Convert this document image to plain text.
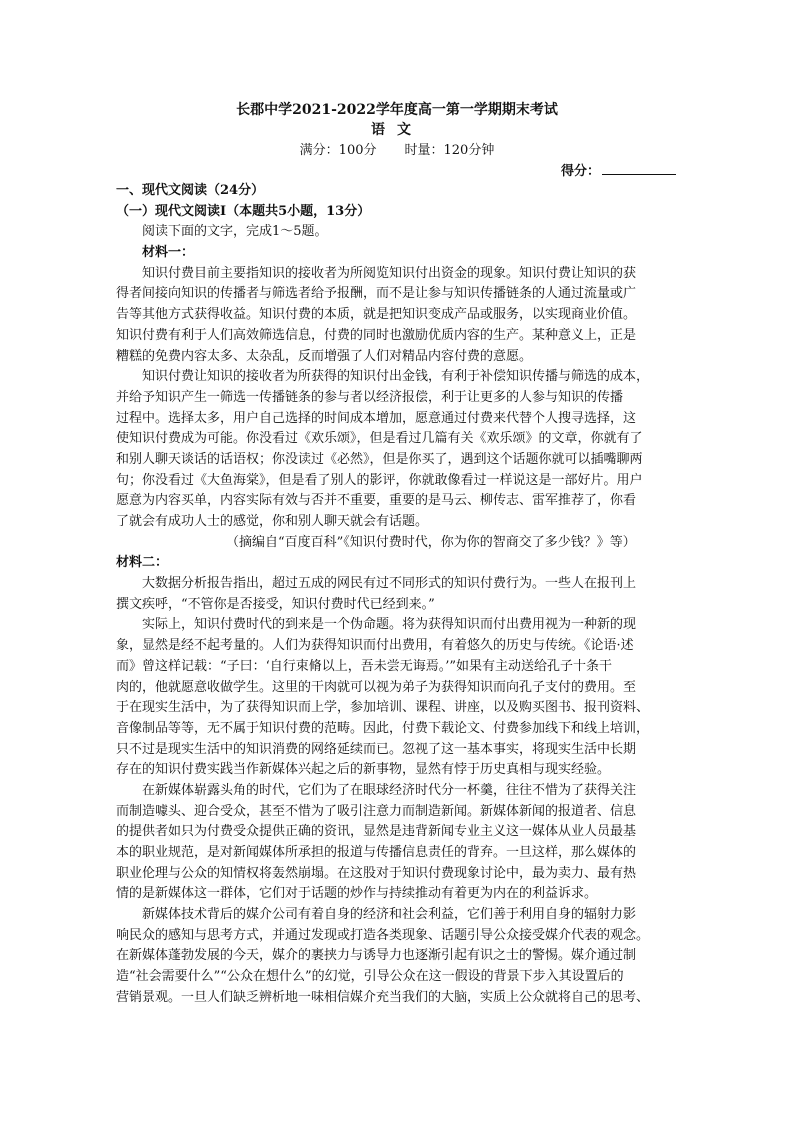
长郡中学2021-2022学年度高一第一学期期末考试
语文
满分：100分 时量：120分钟
得分：
一、现代文阅读（24分）
（一）现代文阅读Ⅰ（本题共5小题，13分）
阅读下面的文字，完成1～5题。
材料一：
知识付费目前主要指知识的接收者为所阅览知识付出资金的现象。知识付费让知识的获
得者间接向知识的传播者与筛选者给予报酬，而不是让参与知识传播链条的人通过流量或广
告等其他方式获得收益。知识付费的本质，就是把知识变成产品或服务，以实现商业价值。
知识付费有利于人们高效筛选信息，付费的同时也激励优质内容的生产。某种意义上，正是
糟糕的免费内容太多、太杂乱，反而增强了人们对精品内容付费的意愿。
知识付费让知识的接收者为所获得的知识付出金钱，有利于补偿知识传播与筛选的成本，
并给予知识产生一筛选一传播链条的参与者以经济报偿，利于让更多的人参与知识的传播
过程中。选择太多，用户自己选择的时间成本增加，愿意通过付费来代替个人搜寻选择，这
使知识付费成为可能。你没看过《欢乐颂》，但是看过几篇有关《欢乐颂》的文章，你就有了
和别人聊天谈话的话语权；你没读过《必然》，但是你买了，遇到这个话题你就可以插嘴聊两
句；你没看过《大鱼海棠》，但是看了别人的影评，你就敢像看过一样说这是一部好片。用户
愿意为内容买单，内容实际有效与否并不重要，重要的是马云、柳传志、雷军推荐了，你看
了就会有成功人士的感觉，你和别人聊天就会有话题。
（摘编自“百度百科”《知识付费时代，你为你的智商交了多少钱？》等）
材料二：
大数据分析报告指出，超过五成的网民有过不同形式的知识付费行为。一些人在报刊上
撰文疾呼，“不管你是否接受，知识付费时代已经到来。”
实际上，知识付费时代的到来是一个伪命题。将为获得知识而付出费用视为一种新的现
象，显然是经不起考量的。人们为获得知识而付出费用，有着悠久的历史与传统。《论语·述
而》曾这样记载：“子曰：‘自行束脩以上，吾未尝无诲焉。’”如果有主动送给孔子十条干
肉的，他就愿意收做学生。这里的干肉就可以视为弟子为获得知识而向孔子支付的费用。至
于在现实生活中，为了获得知识而上学，参加培训、课程、讲座，以及购买图书、报刊资料、
音像制品等等，无不属于知识付费的范畴。因此，付费下载论文、付费参加线下和线上培训，
只不过是现实生活中的知识消费的网络延续而已。忽视了这一基本事实，将现实生活中长期
存在的知识付费实践当作新媒体兴起之后的新事物，显然有悖于历史真相与现实经验。
在新媒体崭露头角的时代，它们为了在眼球经济时代分一杯羹，往往不惜为了获得关注
而制造噱头、迎合受众，甚至不惜为了吸引注意力而制造新闻。新媒体新闻的报道者、信息
的提供者如只为付费受众提供正确的资讯，显然是违背新闻专业主义这一媒体从业人员最基
本的职业规范，是对新闻媒体所承担的报道与传播信息责任的背弃。一旦这样，那么媒体的
职业伦理与公众的知情权将轰然崩塌。在这股对于知识付费现象讨论中，最为卖力、最有热
情的是新媒体这一群体，它们对于话题的炒作与持续推动有着更为内在的利益诉求。
新媒体技术背后的媒介公司有着自身的经济和社会利益，它们善于利用自身的辐射力影
响民众的感知与思考方式，并通过发现或打造各类现象、话题引导公众接受媒介代表的观念。
在新媒体蓬勃发展的今天，媒介的裹挟力与诱导力也逐渐引起有识之士的警惕。媒介通过制
造“社会需要什么”“公众在想什么”的幻觉，引导公众在这一假设的背景下步入其设置后的
营销景观。一旦人们缺乏辨析地一味相信媒介充当我们的大脑，实质上公众就将自己的思考、
